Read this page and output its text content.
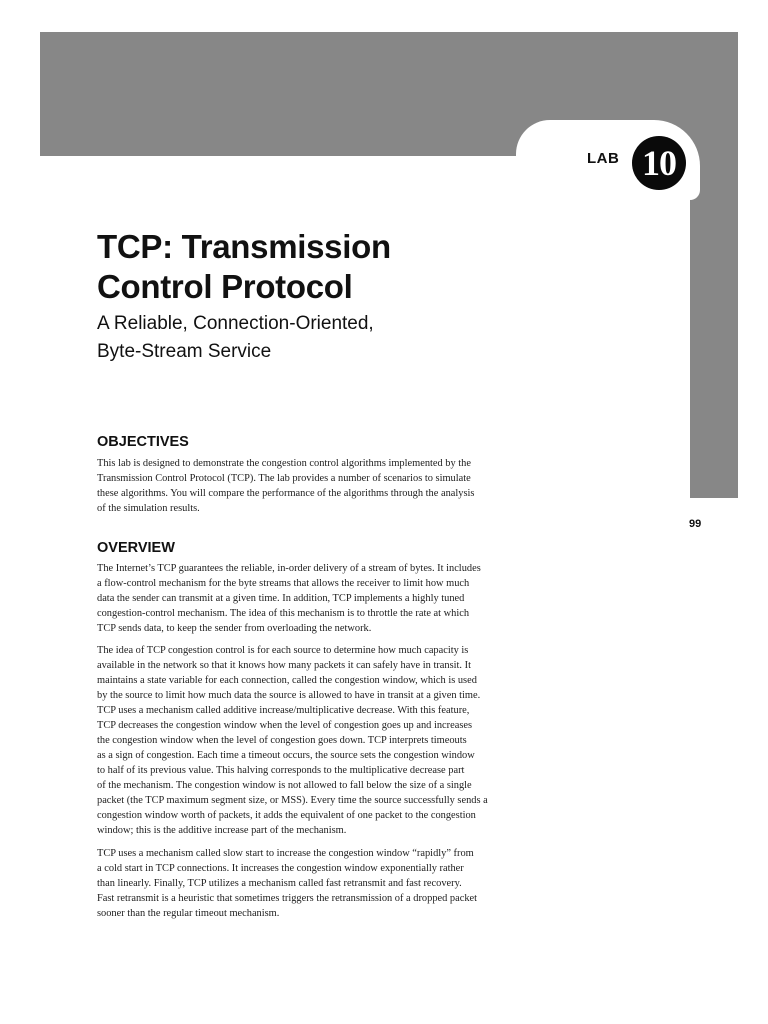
LAB 10
TCP: Transmission
Control Protocol
A Reliable, Connection-Oriented,
Byte-Stream Service
OBJECTIVES
This lab is designed to demonstrate the congestion control algorithms implemented by the
Transmission Control Protocol (TCP). The lab provides a number of scenarios to simulate
these algorithms. You will compare the performance of the algorithms through the analysis
of the simulation results.
99
OVERVIEW
The Internet’s TCP guarantees the reliable, in-order delivery of a stream of bytes. It includes
a flow-control mechanism for the byte streams that allows the receiver to limit how much
data the sender can transmit at a given time. In addition, TCP implements a highly tuned
congestion-control mechanism. The idea of this mechanism is to throttle the rate at which
TCP sends data, to keep the sender from overloading the network.
The idea of TCP congestion control is for each source to determine how much capacity is
available in the network so that it knows how many packets it can safely have in transit. It
maintains a state variable for each connection, called the congestion window, which is used
by the source to limit how much data the source is allowed to have in transit at a given time.
TCP uses a mechanism called additive increase/multiplicative decrease. With this feature,
TCP decreases the congestion window when the level of congestion goes up and increases
the congestion window when the level of congestion goes down. TCP interprets timeouts
as a sign of congestion. Each time a timeout occurs, the source sets the congestion window
to half of its previous value. This halving corresponds to the multiplicative decrease part
of the mechanism. The congestion window is not allowed to fall below the size of a single
packet (the TCP maximum segment size, or MSS). Every time the source successfully sends a
congestion window worth of packets, it adds the equivalent of one packet to the congestion
window; this is the additive increase part of the mechanism.
TCP uses a mechanism called slow start to increase the congestion window “rapidly” from
a cold start in TCP connections. It increases the congestion window exponentially rather
than linearly. Finally, TCP utilizes a mechanism called fast retransmit and fast recovery.
Fast retransmit is a heuristic that sometimes triggers the retransmission of a dropped packet
sooner than the regular timeout mechanism.
